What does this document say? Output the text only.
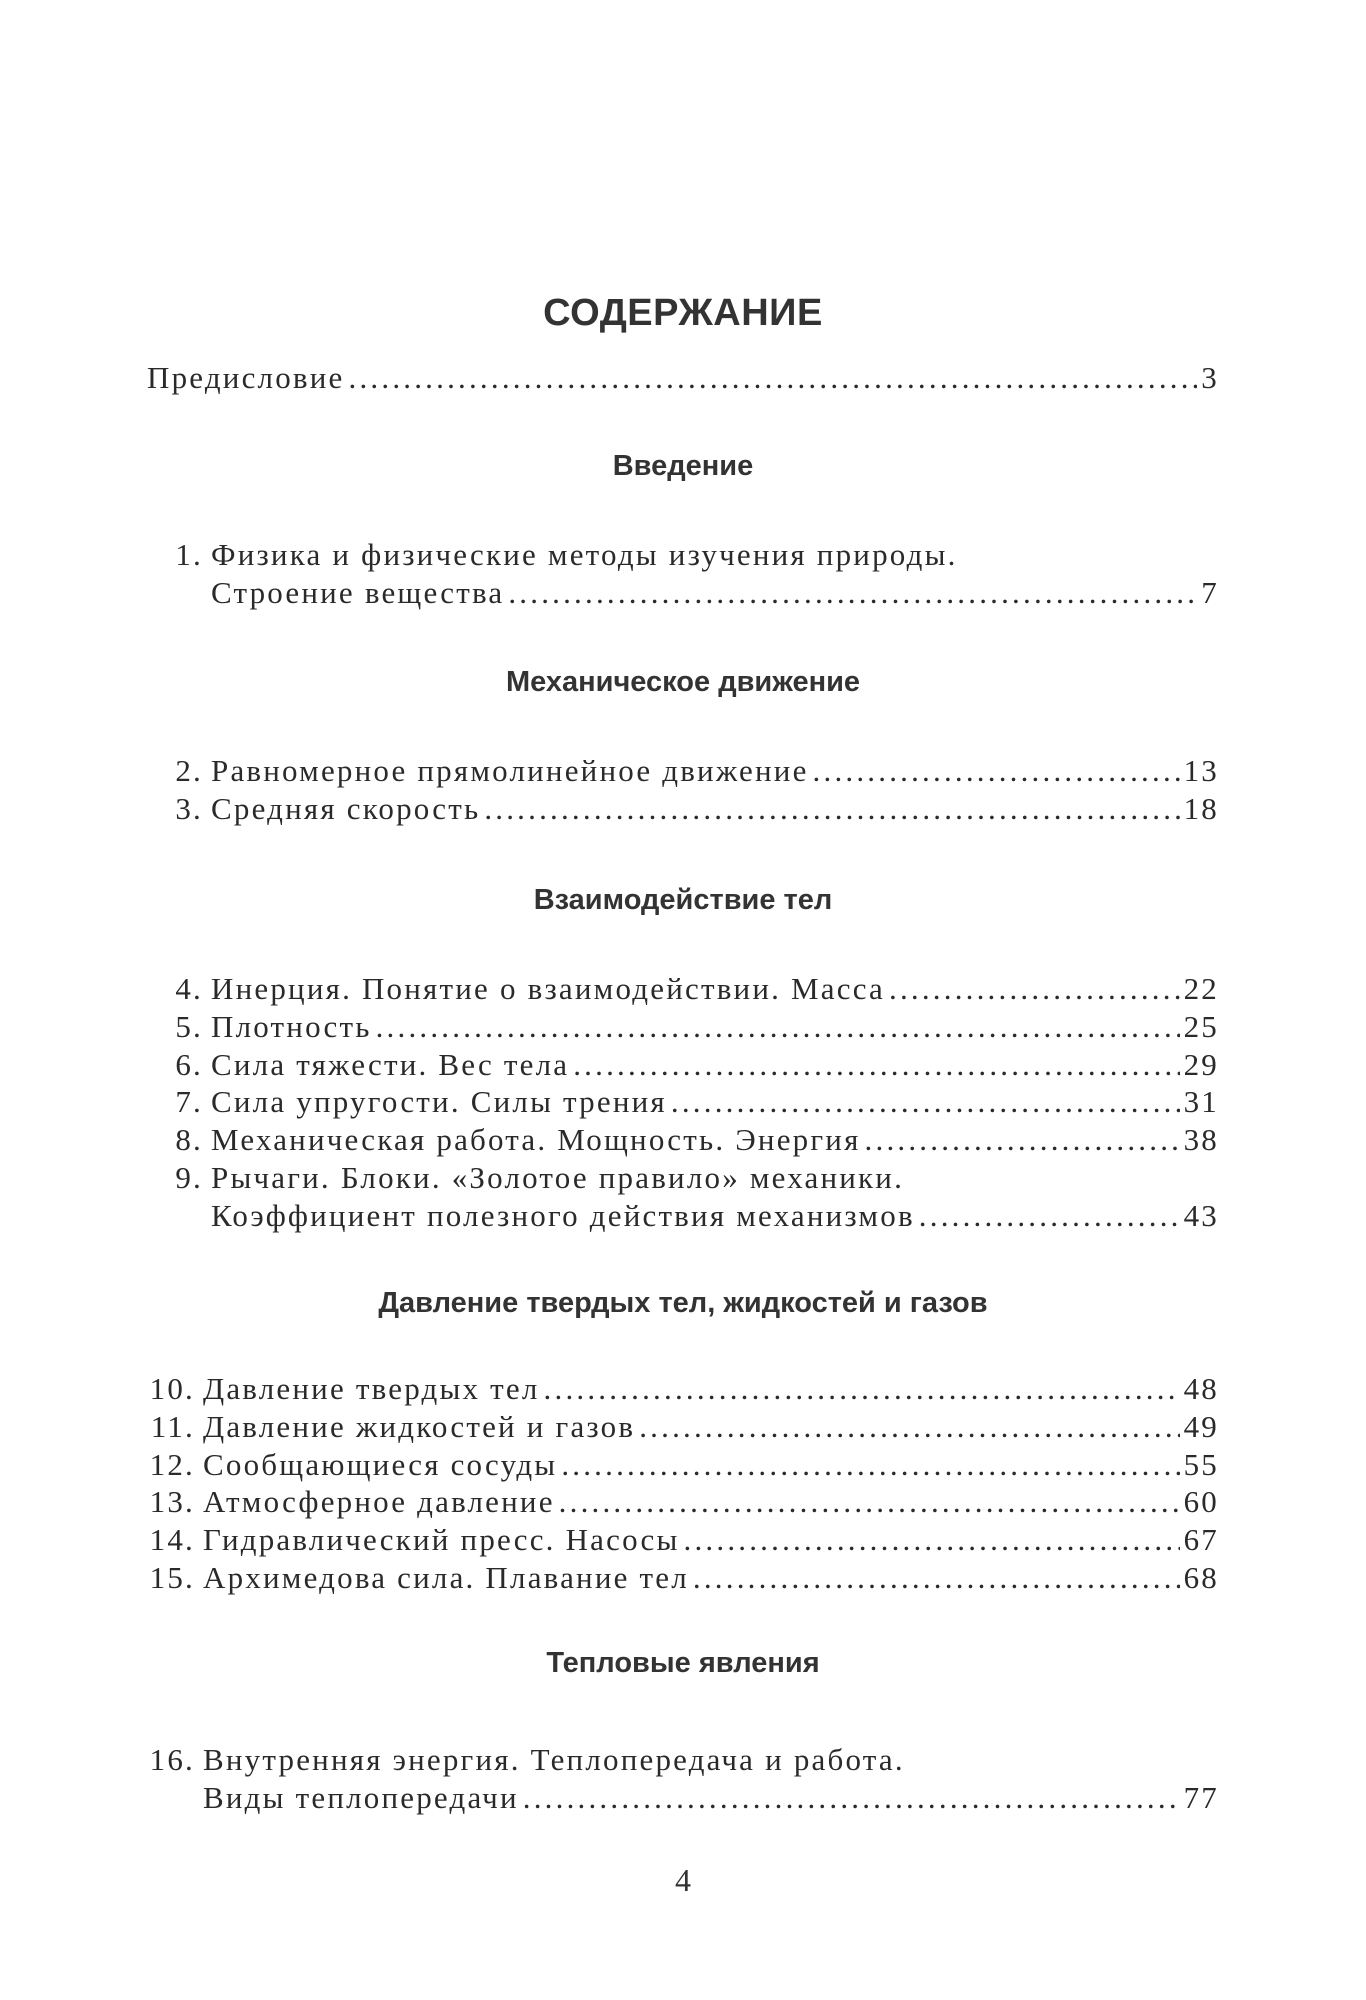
СОДЕРЖАНИЕ
Предисловие .....	3
Введение
1. Физика и физические методы изучения природы.
Строение вещества .....	7
Механическое движение
2. Равномерное прямолинейное движение .....	13
3. Средняя скорость .....	18
Взаимодействие тел
4. Инерция. Понятие о взаимодействии. Масса .....	22
5. Плотность .....	25
6. Сила тяжести. Вес тела .....	29
7. Сила упругости. Силы трения .....	31
8. Механическая работа. Мощность. Энергия .....	38
9. Рычаги. Блоки. «Золотое правило» механики.
Коэффициент полезного действия механизмов .....	43
Давление твердых тел, жидкостей и газов
10. Давление твердых тел .....	48
11. Давление жидкостей и газов .....	49
12. Сообщающиеся сосуды .....	55
13. Атмосферное давление .....	60
14. Гидравлический пресс. Насосы .....	67
15. Архимедова сила. Плавание тел .....	68
Тепловые явления
16. Внутренняя энергия. Теплопередача и работа.
Виды теплопередачи .....	77
4
